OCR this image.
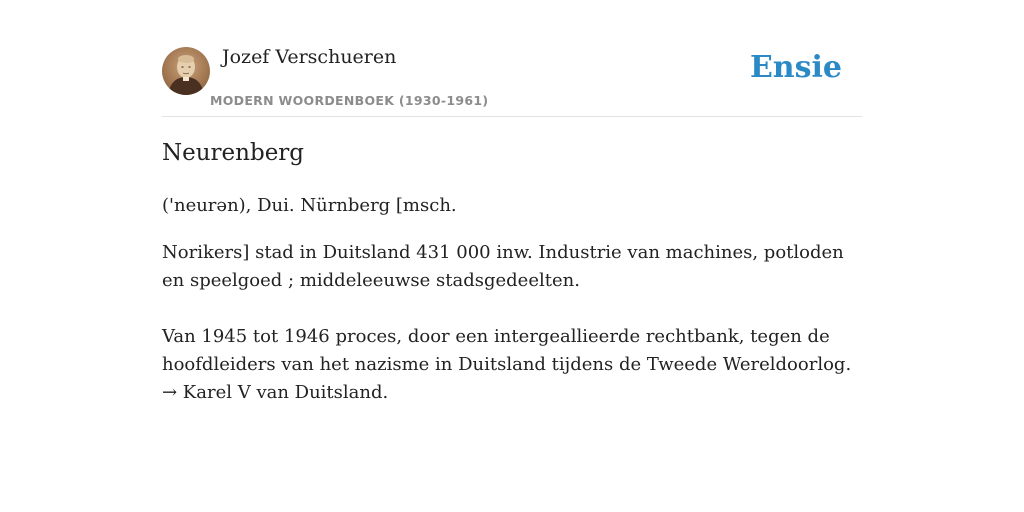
Jozef Verschueren
MODERN WOORDENBOEK (1930-1961)
Ensie
Neurenberg

('neurən), Dui. Nürnberg [msch.

Norikers] stad in Duitsland 431 000 inw. Industrie van machines, potloden en speelgoed ; middeleeuwse stadsgedeelten.

Van 1945 tot 1946 proces, door een intergeallieerde rechtbank, tegen de hoofdleiders van het nazisme in Duitsland tijdens de Tweede Wereldoorlog. → Karel V van Duitsland.
